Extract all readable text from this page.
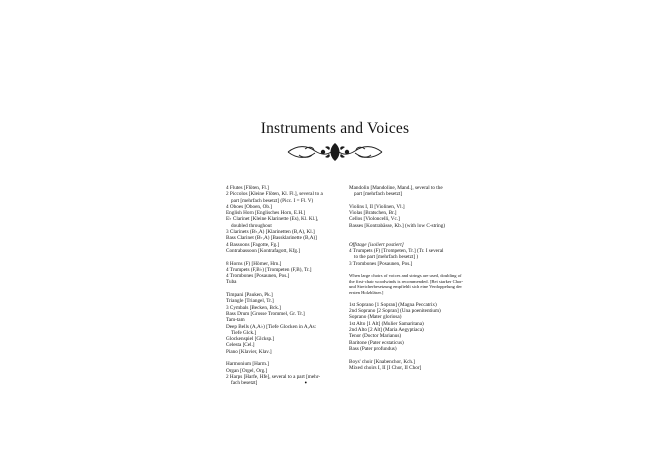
Instruments and Voices
4 Flutes [Flöten, Fl.]
2 Piccolos [Kleine Flöten, Kl. Fl.], several to a
part [mehrfach besetzt] (Picc. I = Fl. V)
4 Oboes [Oboen, Ob.]
English Horn [Englisches Horn, E.H.]
E♭ Clarinet [Kleine Klarinette (Es), Kl. Kl.],
doubled throughout
3 Clarinets (B♭,A) [Klarinetten (B,A), Kl.]
Bass Clarinet (B♭,A) [Bassklarinette (B,A)]
4 Bassoons [Fagotte, Fg.]
Contrabassoon [Kontrafagott, Kfg.]
8 Horns (F) [Hörner, Hrn.]
4 Trumpets (F,B♭) [Trompeten (F,B), Tr.]
4 Trombones [Posaunen, Pos.]
Tuba
Timpani [Pauken, Pk.]
Triangle [Triangel, Tr.]
3 Cymbals [Becken, Bck.]
Bass Drum [Grosse Trommel, Gr. Tr.]
Tam-tam
Deep Bells (A,A♭) [Tiefe Glocken in A,As:
Tiefe Glck.]
Glockenspiel [Glcksp.]
Celesta [Cel.]
Piano [Klavier, Klav.]
Harmonium [Harm.]
Organ [Orgel, Org.]
2 Harps [Harfe, Hfe], several to a part [mehr-
fach besetzt]
Mandolin [Mandoline, Mand.], several to the
part [mehrfach besetzt]
Violins I, II [Violinen, Vl.]
Violas [Bratschen, Br.]
Cellos [Violoncelli, Vc.]
Basses [Kontrabässe, Kb.] (with low C-string)
Offstage [isoliert postiert]
4 Trumpets (F) [Trompeten, Tr.] (Tr. I several
to the part [mehrfach besetzt] )
3 Trombones [Posaunen, Pos.]
When large choirs of voices and strings are used, doubling of the first-chair woodwinds is recommended. [Bei starker Chor- und Streicherbesetzung empfiehlt sich eine Verdoppelung der ersten Holzbläser.]
1st Soprano [1 Sopran] (Magna Peccatrix)
2nd Soprano [2 Sopran] (Una poenitentium)
Soprano (Mater gloriosa)
1st Alto [1 Alt] (Mulier Samaritana)
2nd Alto [2 Alt] (Maria Aegyptiaca)
Tenor (Doctor Marianus)
Baritone (Pater ecstaticus)
Bass (Pater profundus)
Boys' choir [Knabenchor, Kch.]
Mixed choirs I, II [I Chor, II Chor]
•
